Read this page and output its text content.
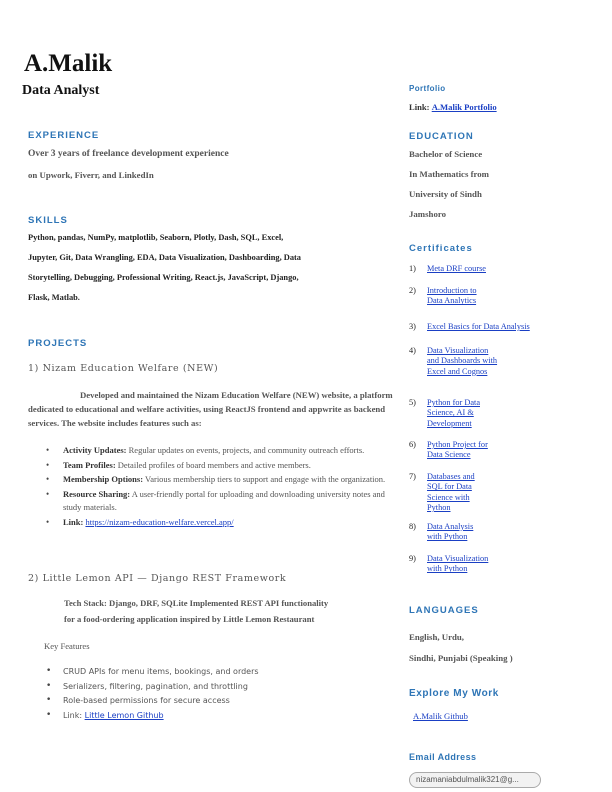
A.Malik
Data Analyst
EXPERIENCE
Over 3 years of freelance development experience
on Upwork, Fiverr, and LinkedIn
SKILLS
Python, pandas, NumPy, matplotlib, Seaborn, Plotly, Dash, SQL, Excel,
Jupyter, Git, Data Wrangling, EDA, Data Visualization, Dashboarding, Data
Storytelling, Debugging, Professional Writing, React.js, JavaScript, Django,
Flask, Matlab.
PROJECTS
1) Nizam Education Welfare (NEW)
Developed and maintained the Nizam Education Welfare (NEW) website, a platform dedicated to educational and welfare activities, using ReactJS frontend and appwrite as backend services. The website includes features such as:
• Activity Updates: Regular updates on events, projects, and community outreach efforts.
• Team Profiles: Detailed profiles of board members and active members.
• Membership Options: Various membership tiers to support and engage with the organization.
• Resource Sharing: A user-friendly portal for uploading and downloading university notes and study materials.
• Link: https://nizam-education-welfare.vercel.app/
2) Little Lemon API — Django REST Framework
Tech Stack: Django, DRF, SQLite Implemented REST API functionality
for a food-ordering application inspired by Little Lemon Restaurant
Key Features
• CRUD APIs for menu items, bookings, and orders
• Serializers, filtering, pagination, and throttling
• Role-based permissions for secure access
• Link: Little Lemon Github
Portfolio
Link: A.Malik Portfolio
EDUCATION
Bachelor of Science
In Mathematics from
University of Sindh
Jamshoro
Certificates
1) Meta DRF course
2) Introduction to Data Analytics
3) Excel Basics for Data Analysis
4) Data Visualization and Dashboards with Excel and Cognos
5) Python for Data Science, AI & Development
6) Python Project for Data Science
7) Databases and SQL for Data Science with Python
8) Data Analysis with Python
9) Data Visualization with Python
LANGUAGES
English, Urdu,
Sindhi, Punjabi (Speaking )
Explore My Work
A.Malik Github
Email Address
nizamaniabdulmalik321@g...
